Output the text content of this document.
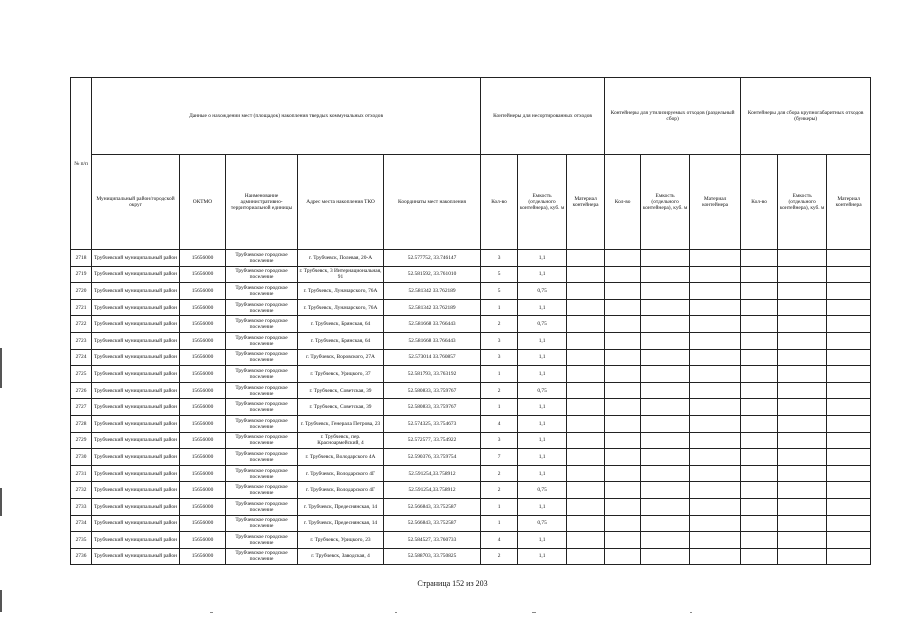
№ п/п	Данные о нахождении мест (площадок) накопления твердых коммунальных отходов					Контейнеры для несортированных отходов			Контейнеры для утилизируемых отходов (раздельный сбор)			Контейнеры для сбора крупногабаритных отходов (бункеры)		
	Муниципальный район/городской округ	ОКТМО	Наименование административно-территориальной единицы	Адрес места накопления ТКО	Координаты мест накопления	Кол-во	Емкость (отдельного контейнера), куб. м	Материал контейнера	Кол-во	Емкость (отдельного контейнера), куб. м	Материал контейнера	Кол-во	Емкость (отдельного контейнера), куб. м	Материал контейнера
2718	Трубчевский муниципальный район	15656000	Трубчевское городское поселение	г. Трубчевск, Полевая, 20-А	52.577752, 33.746147	3	1,1							
2719	Трубчевский муниципальный район	15656000	Трубчевское городское поселение	г. Трубчевск, 3 Интернациональная, 91	52.581592, 33.761010	5	1,1							
2720	Трубчевский муниципальный район	15656000	Трубчевское городское поселение	г. Трубчевск, Луначарского, 76А	52.581342 33.762189	5	0,75							
2721	Трубчевский муниципальный район	15656000	Трубчевское городское поселение	г. Трубчевск, Луначарского, 76А	52.581342 33.762189	1	1,1							
2722	Трубчевский муниципальный район	15656000	Трубчевское городское поселение	г. Трубчевск, Брянская, 64	52.581668 33.766443	2	0,75							
2723	Трубчевский муниципальный район	15656000	Трубчевское городское поселение	г. Трубчевск, Брянская, 64	52.581668 33.766443	3	1,1							
2724	Трубчевский муниципальный район	15656000	Трубчевское городское поселение	г. Трубчевск, Воровского, 27А	52.573014 33.760857	3	1,1							
2725	Трубчевский муниципальный район	15656000	Трубчевское городское поселение	г. Трубчевск, Урицкого, 37	52.581793, 33.763192	1	1,1							
2726	Трубчевский муниципальный район	15656000	Трубчевское городское поселение	г. Трубчевск, Советская, 39	52.580833, 33.759767	2	0,75							
2727	Трубчевский муниципальный район	15656000	Трубчевское городское поселение	г. Трубчевск, Советская, 39	52.580833, 33.759767	1	1,1							
2728	Трубчевский муниципальный район	15656000	Трубчевское городское поселение	г. Трубчевск, Генерала Петрова, 23	52.574325, 33.754673	4	1,1							
2729	Трубчевский муниципальный район	15656000	Трубчевское городское поселение	г. Трубчевск, пер. Красноармейский, 4	52.572577, 33.754922	3	1,1							
2730	Трубчевский муниципальный район	15656000	Трубчевское городское поселение	г. Трубчевск, Володарского 4А	52.590376, 33.759754	7	1,1							
2731	Трубчевский муниципальный район	15656000	Трубчевское городское поселение	г. Трубчевск, Володарского 4Г	52.591254,33.758912	2	1,1							
2732	Трубчевский муниципальный район	15656000	Трубчевское городское поселение	г. Трубчевск, Володарского 4Г	52.591254,33.758912	2	0,75							
2733	Трубчевский муниципальный район	15656000	Трубчевское городское поселение	г. Трубчевск, Предеснянская, 14	52.566843, 33.752587	1	1,1							
2734	Трубчевский муниципальный район	15656000	Трубчевское городское поселение	г. Трубчевск, Предеснянская, 14	52.566843, 33.752587	1	0,75							
2735	Трубчевский муниципальный район	15656000	Трубчевское городское поселение	г. Трубчевск, Урицкого, 23	52.584527, 33.760733	4	1,1							
2736	Трубчевский муниципальный район	15656000	Трубчевское городское поселение	г. Трубчевск, Заводская, 4	52.588703, 33.750825	2	1,1							
Страница 152 из 203
